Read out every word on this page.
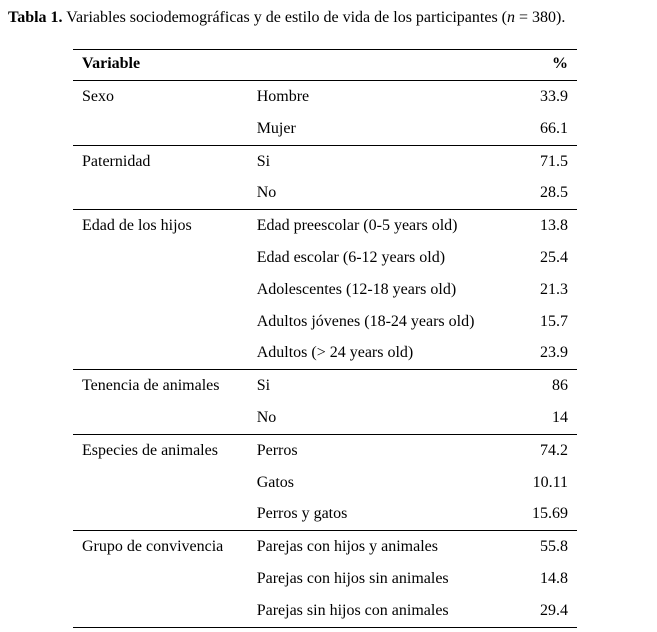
Tabla 1. Variables sociodemográficas y de estilo de vida de los participantes (n = 380).
Variable		%
Sexo	Hombre	33.9
	Mujer	66.1
Paternidad	Si	71.5
	No	28.5
Edad de los hijos	Edad preescolar (0-5 years old)	13.8
	Edad escolar (6-12 years old)	25.4
	Adolescentes (12-18 years old)	21.3
	Adultos jóvenes (18-24 years old)	15.7
	Adultos (> 24 years old)	23.9
Tenencia de animales	Si	86
	No	14
Especies de animales	Perros	74.2
	Gatos	10.11
	Perros y gatos	15.69
Grupo de convivencia	Parejas con hijos y animales	55.8
	Parejas con hijos sin animales	14.8
	Parejas sin hijos con animales	29.4
